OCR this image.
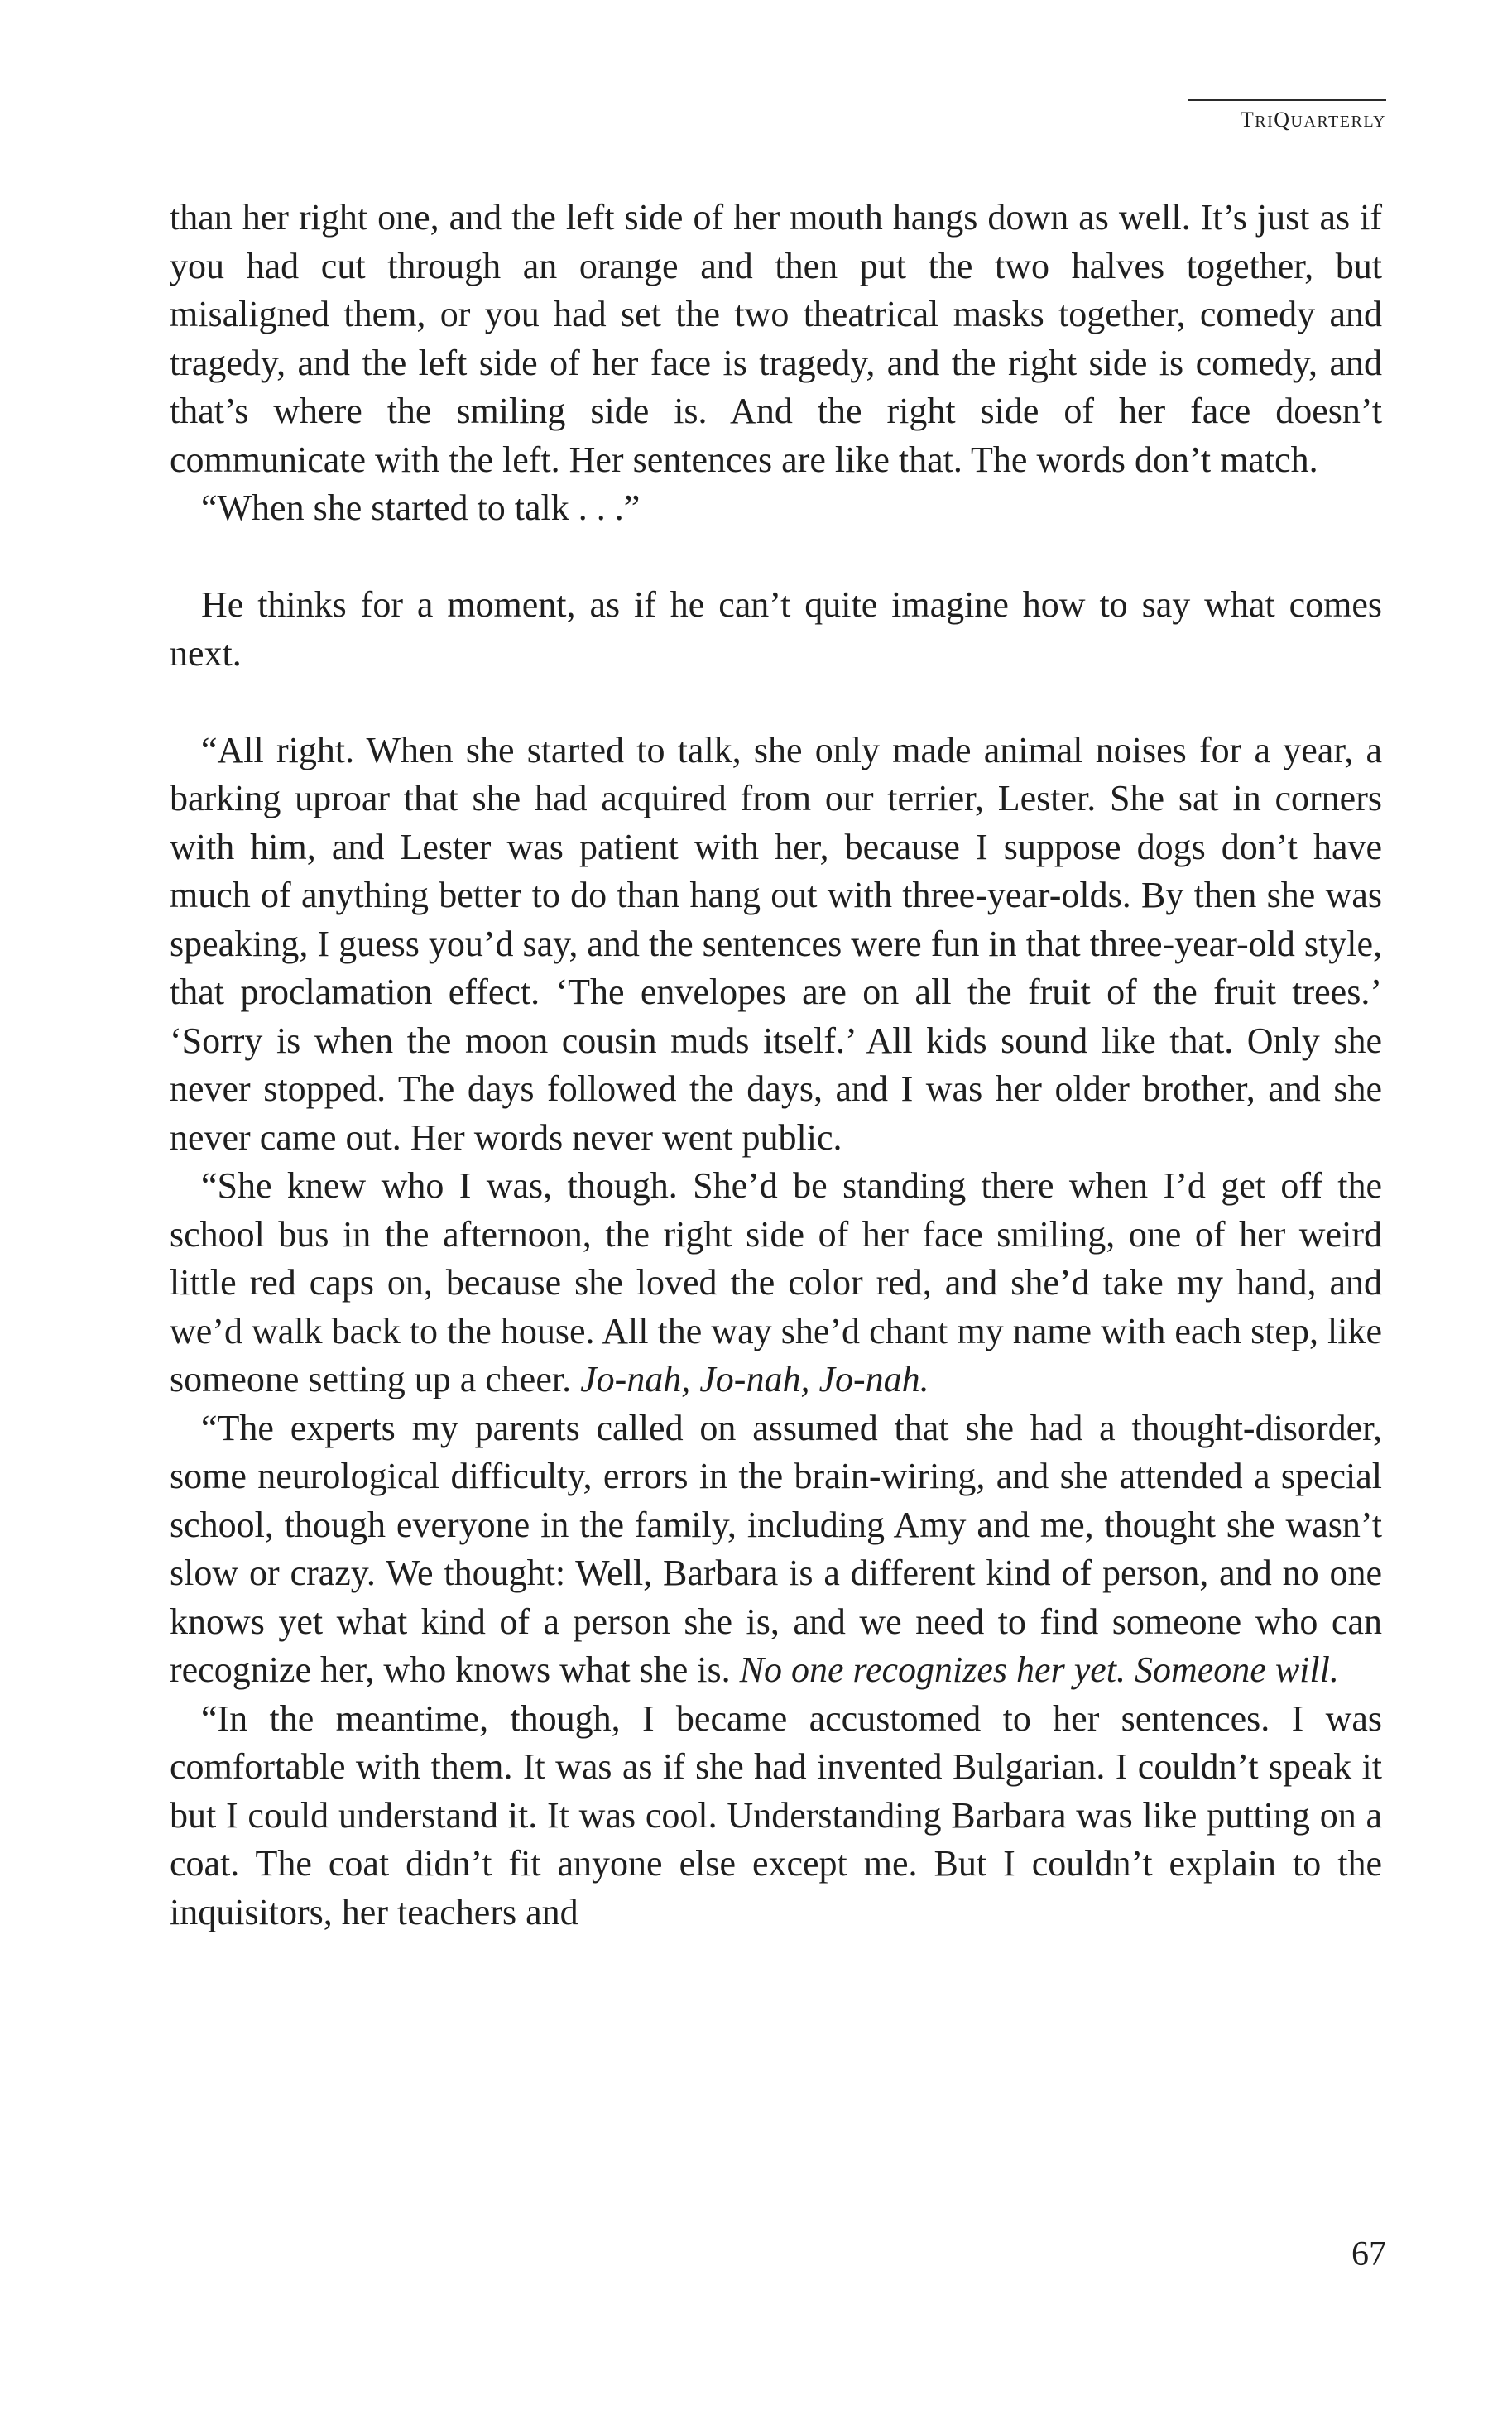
TRIQUARTERLY

than her right one, and the left side of her mouth hangs down as well. It’s just as if you had cut through an orange and then put the two halves together, but misaligned them, or you had set the two theatrical masks together, comedy and tragedy, and the left side of her face is tragedy, and the right side is comedy, and that’s where the smiling side is. And the right side of her face doesn’t communicate with the left. Her sentences are like that. The words don’t match.

“When she started to talk . . .”

He thinks for a moment, as if he can’t quite imagine how to say what comes next.

“All right. When she started to talk, she only made animal noises for a year, a barking uproar that she had acquired from our terrier, Lester. She sat in corners with him, and Lester was patient with her, because I suppose dogs don’t have much of anything better to do than hang out with three-year-olds. By then she was speaking, I guess you’d say, and the sentences were fun in that three-year-old style, that proclamation effect. ‘The envelopes are on all the fruit of the fruit trees.’ ‘Sorry is when the moon cousin muds itself.’ All kids sound like that. Only she never stopped. The days followed the days, and I was her older brother, and she never came out. Her words never went public.

“She knew who I was, though. She’d be standing there when I’d get off the school bus in the afternoon, the right side of her face smiling, one of her weird little red caps on, because she loved the color red, and she’d take my hand, and we’d walk back to the house. All the way she’d chant my name with each step, like someone setting up a cheer. Jo-nah, Jo-nah, Jo-nah.

“The experts my parents called on assumed that she had a thought-disorder, some neurological difficulty, errors in the brain-wiring, and she attended a special school, though everyone in the family, including Amy and me, thought she wasn’t slow or crazy. We thought: Well, Barbara is a different kind of person, and no one knows yet what kind of a person she is, and we need to find someone who can recognize her, who knows what she is. No one recognizes her yet. Someone will.

“In the meantime, though, I became accustomed to her sentences. I was comfortable with them. It was as if she had invented Bulgarian. I couldn’t speak it but I could understand it. It was cool. Understanding Barbara was like putting on a coat. The coat didn’t fit anyone else except me. But I couldn’t explain to the inquisitors, her teachers and

67
